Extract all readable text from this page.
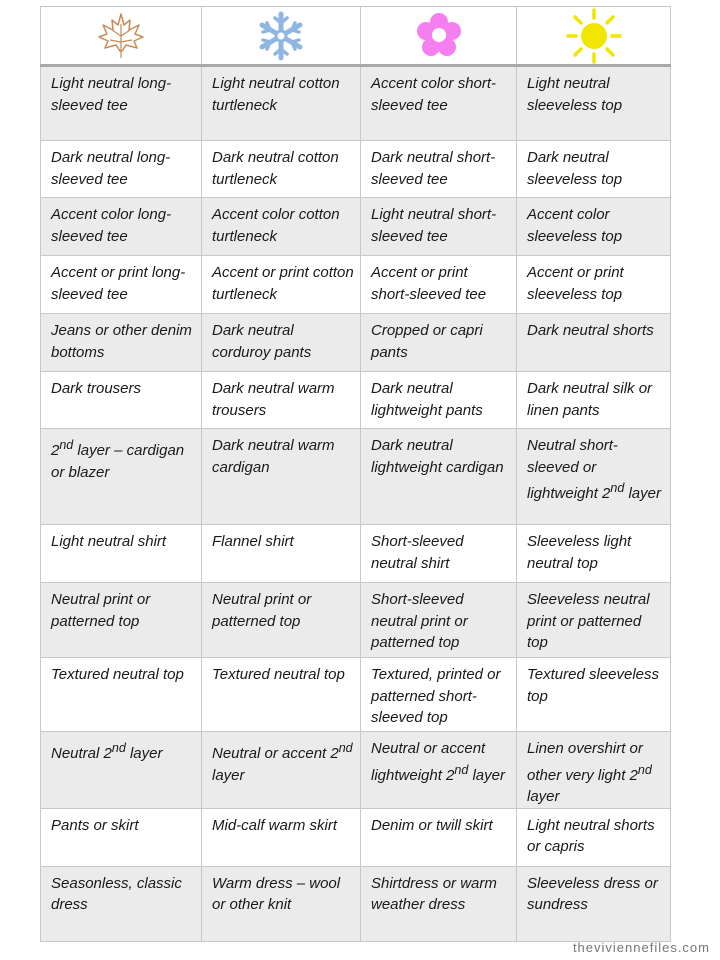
Light neutral long-sleeved tee	Light neutral cotton turtleneck	Accent color short-sleeved tee	Light neutral sleeveless top
Dark neutral long-sleeved tee	Dark neutral cotton turtleneck	Dark neutral short-sleeved tee	Dark neutral sleeveless top
Accent color long-sleeved tee	Accent color cotton turtleneck	Light neutral short-sleeved tee	Accent color sleeveless top
Accent or print long-sleeved tee	Accent or print cotton turtleneck	Accent or print short-sleeved tee	Accent or print sleeveless top
Jeans or other denim bottoms	Dark neutral corduroy pants	Cropped or capri pants	Dark neutral shorts
Dark trousers	Dark neutral warm trousers	Dark neutral lightweight pants	Dark neutral silk or linen pants
2nd layer – cardigan or blazer	Dark neutral warm cardigan	Dark neutral lightweight cardigan	Neutral short-sleeved or lightweight 2nd layer
Light neutral shirt	Flannel shirt	Short-sleeved neutral shirt	Sleeveless light neutral top
Neutral print or patterned top	Neutral print or patterned top	Short-sleeved neutral print or patterned top	Sleeveless neutral print or patterned top
Textured neutral top	Textured neutral top	Textured, printed or patterned short-sleeved top	Textured sleeveless top
Neutral 2nd layer	Neutral or accent 2nd layer	Neutral or accent lightweight 2nd layer	Linen overshirt or other very light 2nd layer
Pants or skirt	Mid-calf warm skirt	Denim or twill skirt	Light neutral shorts or capris
Seasonless, classic dress	Warm dress – wool or other knit	Shirtdress or warm weather dress	Sleeveless dress or sundress
theviviennefiles.com
